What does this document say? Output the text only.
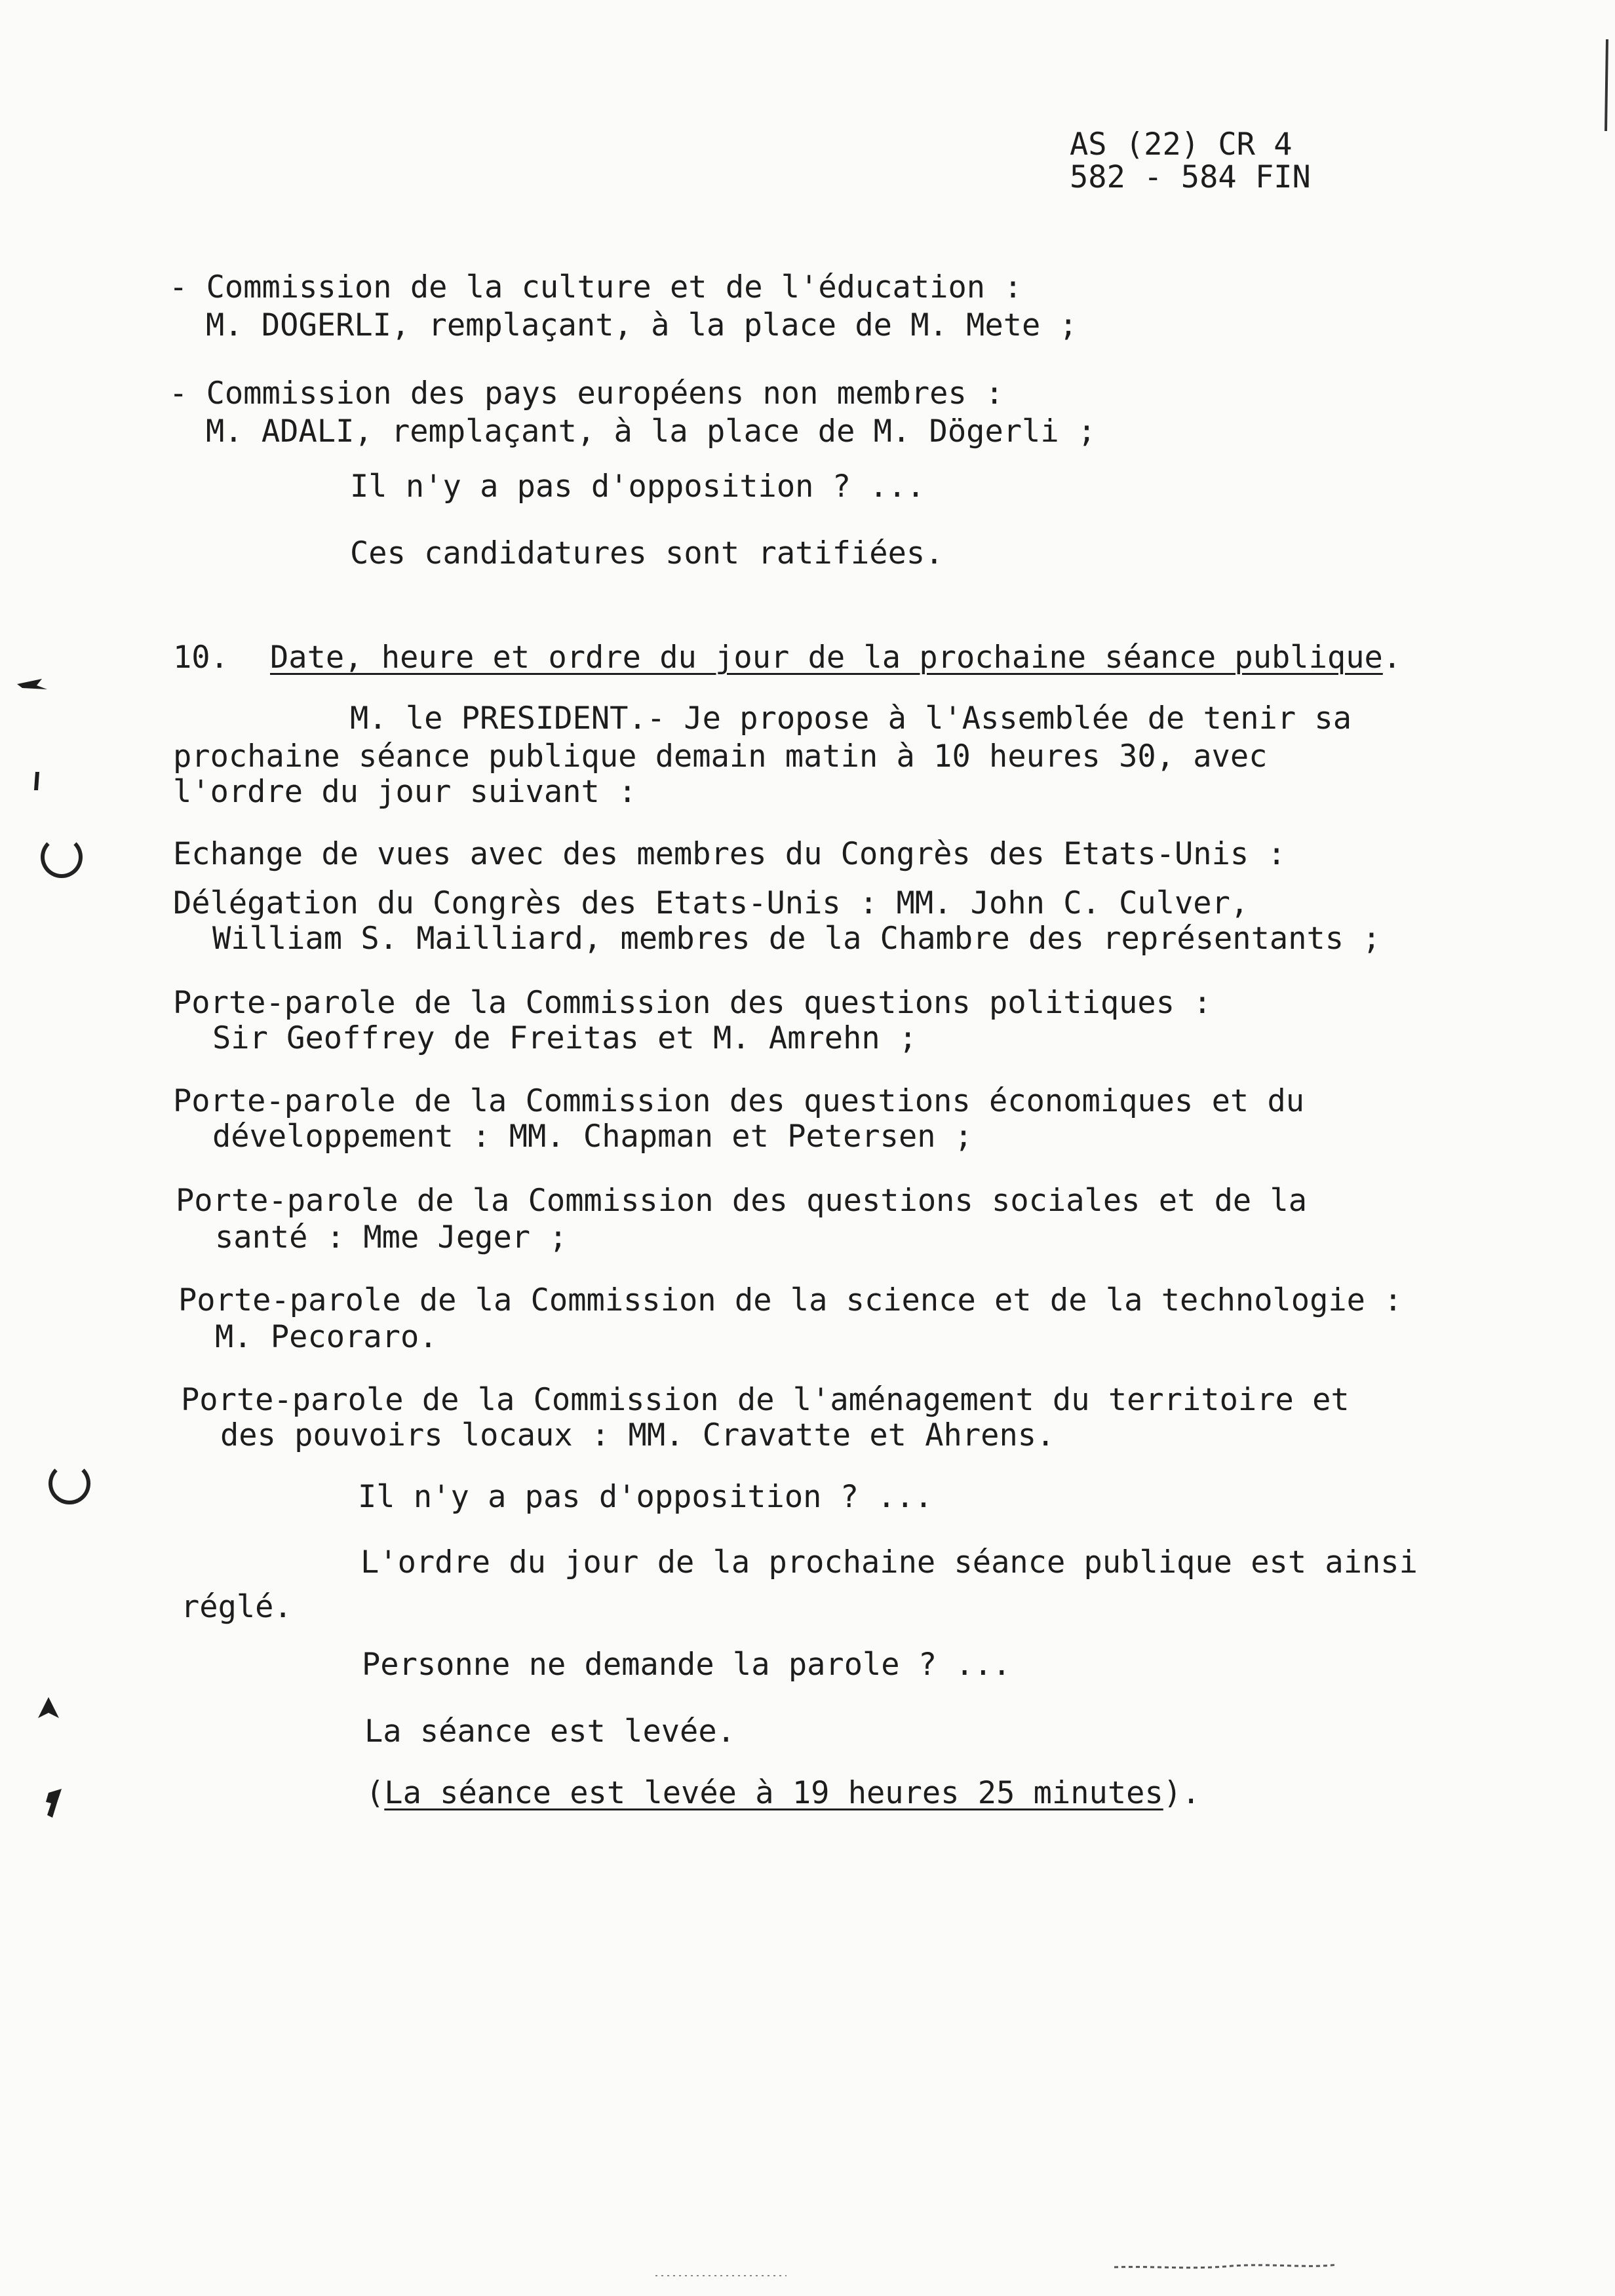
AS (22) CR 4

582 - 584 FIN

- Commission de la culture et de l'éducation :

M. DOGERLI, remplaçant, à la place de M. Mete ;

- Commission des pays européens non membres :

M. ADALI, remplaçant, à la place de M. Dögerli ;

Il n'y a pas d'opposition ? ...

Ces candidatures sont ratifiées.

10. Date, heure et ordre du jour de la prochaine séance publique.

M. le PRESIDENT.- Je propose à l'Assemblée de tenir sa

prochaine séance publique demain matin à 10 heures 30, avec

l'ordre du jour suivant :

Echange de vues avec des membres du Congrès des Etats-Unis :

Délégation du Congrès des Etats-Unis : MM. John C. Culver,

William S. Mailliard, membres de la Chambre des représentants ;

Porte-parole de la Commission des questions politiques :

Sir Geoffrey de Freitas et M. Amrehn ;

Porte-parole de la Commission des questions économiques et du

développement : MM. Chapman et Petersen ;

Porte-parole de la Commission des questions sociales et de la

santé : Mme Jeger ;

Porte-parole de la Commission de la science et de la technologie :

M. Pecoraro.

Porte-parole de la Commission de l'aménagement du territoire et

des pouvoirs locaux : MM. Cravatte et Ahrens.

Il n'y a pas d'opposition ? ...

L'ordre du jour de la prochaine séance publique est ainsi

réglé.

Personne ne demande la parole ? ...

La séance est levée.

(La séance est levée à 19 heures 25 minutes).
